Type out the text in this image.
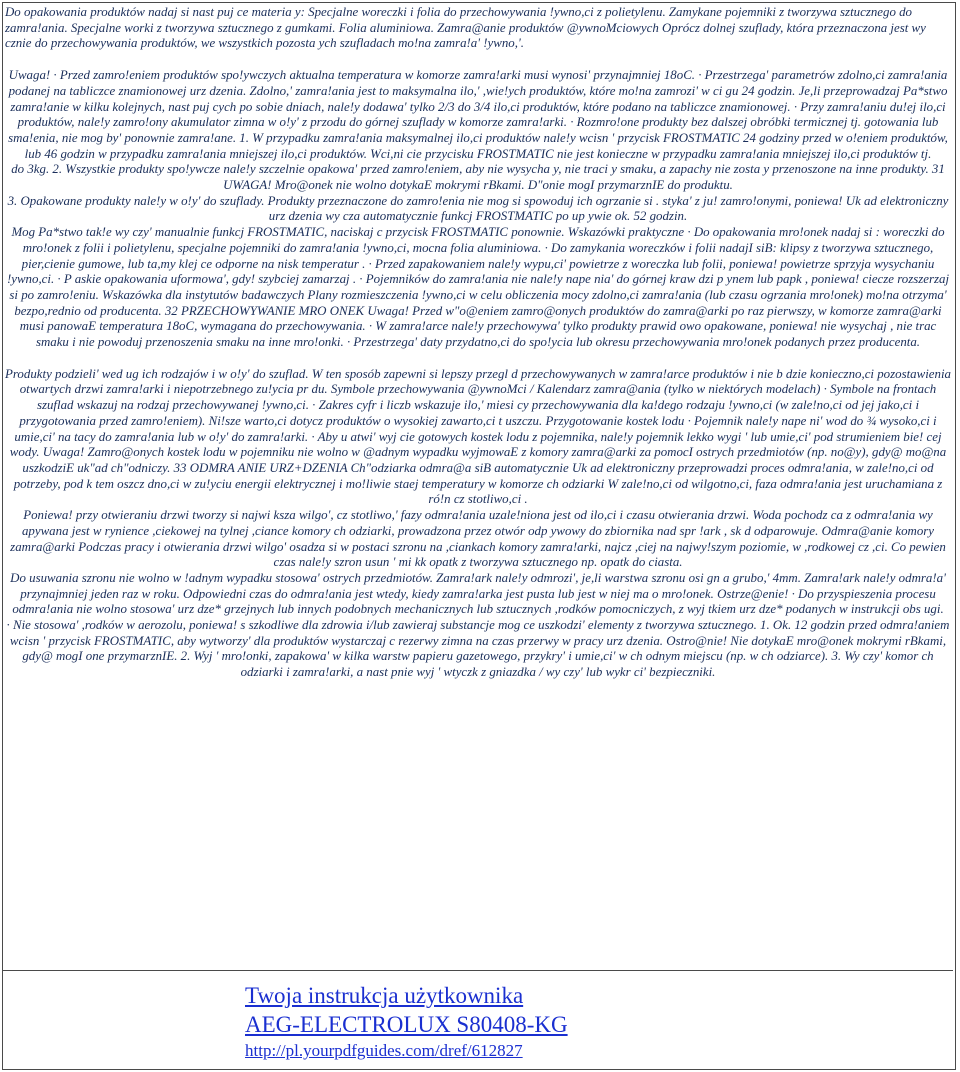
Do opakowania produktów nadaj si nast puj ce materia y: Specjalne woreczki i folia do przechowywania !ywno,ci z polietylenu. Zamykane pojemniki z tworzywa sztucznego do zamra!ania. Specjalne worki z tworzywa sztucznego z gumkami. Folia aluminiowa. Zamra@anie produktów @ywnoMciowych Oprócz dolnej szuflady, która przeznaczona jest wy cznie do przechowywania produktów, we wszystkich pozosta ych szufladach mo!na zamra!a' !ywno,'.

Uwaga! · Przed zamro!eniem produktów spo!ywczych aktualna temperatura w komorze zamra!arki musi wynosi' przynajmniej 18oC. · Przestrzega' parametrów zdolno,ci zamra!ania podanej na tabliczce znamionowej urz dzenia. Zdolno,' zamra!ania jest to maksymalna ilo,' ,wie!ych produktów, które mo!na zamrozi' w ci gu 24 godzin. Je,li przeprowadzaj Pa*stwo zamra!anie w kilku kolejnych, nast puj cych po sobie dniach, nale!y dodawa' tylko 2/3 do 3/4 ilo,ci produktów, które podano na tabliczce znamionowej. · Przy zamra!aniu du!ej ilo,ci produktów, nale!y zamro!ony akumulator zimna w o!y' z przodu do górnej szuflady w komorze zamra!arki. · Rozmro!one produkty bez dalszej obróbki termicznej tj. gotowania lub sma!enia, nie mog by' ponownie zamra!ane. 1. W przypadku zamra!ania maksymalnej ilo,ci produktów nale!y wcisn ' przycisk FROSTMATIC 24 godziny przed w o!eniem produktów, lub 46 godzin w przypadku zamra!ania mniejszej ilo,ci produktów. Wci,ni cie przycisku FROSTMATIC nie jest konieczne w przypadku zamra!ania mniejszej ilo,ci produktów tj.

do 3kg. 2. Wszystkie produkty spo!ywcze nale!y szczelnie opakowa' przed zamro!eniem, aby nie wysycha y, nie traci y smaku, a zapachy nie zosta y przenoszone na inne produkty. 31 UWAGA! Mro@onek nie wolno dotykaE mokrymi rBkami. D"onie mogI przymarznIE do produktu.

3. Opakowane produkty nale!y w o!y' do szuflady. Produkty przeznaczone do zamro!enia nie mog si spowoduj ich ogrzanie si . styka' z ju! zamro!onymi, poniewa! Uk ad elektroniczny urz dzenia wy cza automatycznie funkcj FROSTMATIC po up ywie ok. 52 godzin.

Mog Pa*stwo tak!e wy czy' manualnie funkcj FROSTMATIC, naciskaj c przycisk FROSTMATIC ponownie. Wskazówki praktyczne · Do opakowania mro!onek nadaj si : woreczki do mro!onek z folii i polietylenu, specjalne pojemniki do zamra!ania !ywno,ci, mocna folia aluminiowa. · Do zamykania woreczków i folii nadajI siB: klipsy z tworzywa sztucznego, pier,cienie gumowe, lub ta,my klej ce odporne na nisk temperatur . · Przed zapakowaniem nale!y wypu,ci' powietrze z woreczka lub folii, poniewa! powietrze sprzyja wysychaniu !ywno,ci. · P askie opakowania uformowa', gdy! szybciej zamarzaj . · Pojemników do zamra!ania nie nale!y nape nia' do górnej kraw dzi p ynem lub papk , poniewa! ciecze rozszerzaj si po zamro!eniu. Wskazówka dla instytutów badawczych Plany rozmieszczenia !ywno,ci w celu obliczenia mocy zdolno,ci zamra!ania (lub czasu ogrzania mro!onek) mo!na otrzyma' bezpo,rednio od producenta. 32 PRZECHOWYWANIE MRO ONEK Uwaga! Przed w"o@eniem zamro@onych produktów do zamra@arki po raz pierwszy, w komorze zamra@arki musi panowaE temperatura 18oC, wymagana do przechowywania. · W zamra!arce nale!y przechowywa' tylko produkty prawid owo opakowane, poniewa! nie wysychaj , nie trac smaku i nie powoduj przenoszenia smaku na inne mro!onki. · Przestrzega' daty przydatno,ci do spo!ycia lub okresu przechowywania mro!onek podanych przez producenta.

Produkty podzieli' wed ug ich rodzajów i w o!y' do szuflad. W ten sposób zapewni si lepszy przegl d przechowywanych w zamra!arce produktów i nie b dzie konieczno,ci pozostawienia otwartych drzwi zamra!arki i niepotrzebnego zu!ycia pr du. Symbole przechowywania @ywnoMci / Kalendarz zamra@ania (tylko w niektórych modelach) · Symbole na frontach szuflad wskazuj na rodzaj przechowywanej !ywno,ci. · Zakres cyfr i liczb wskazuje ilo,' miesi cy przechowywania dla ka!dego rodzaju !ywno,ci (w zale!no,ci od jej jako,ci i przygotowania przed zamro!eniem). Ni!sze warto,ci dotycz produktów o wysokiej zawarto,ci t uszczu. Przygotowanie kostek lodu · Pojemnik nale!y nape ni' wod do ¾ wysoko,ci i umie,ci' na tacy do zamra!ania lub w o!y' do zamra!arki. · Aby u atwi' wyj cie gotowych kostek lodu z pojemnika, nale!y pojemnik lekko wygi ' lub umie,ci' pod strumieniem bie! cej wody. Uwaga! Zamro@onych kostek lodu w pojemniku nie wolno w @adnym wypadku wyjmowaE z komory zamra@arki za pomocI ostrych przedmiotów (np. no@y), gdy@ mo@na uszkodziE uk"ad ch"odniczy. 33 ODMRA ANIE URZ+DZENIA Ch"odziarka odmra@a siB automatycznie Uk ad elektroniczny przeprowadzi proces odmra!ania, w zale!no,ci od potrzeby, pod k tem oszcz dno,ci w zu!yciu energii elektrycznej i mo!liwie staej temperatury w komorze ch odziarki W zale!no,ci od wilgotno,ci, faza odmra!ania jest uruchamiana z ró!n cz stotliwo,ci .

Poniewa! przy otwieraniu drzwi tworzy si najwi ksza wilgo', cz stotliwo,' fazy odmra!ania uzale!niona jest od ilo,ci i czasu otwierania drzwi. Woda pochodz ca z odmra!ania wy apywana jest w rynience ,ciekowej na tylnej ,ciance komory ch odziarki, prowadzona przez otwór odp ywowy do zbiornika nad spr !ark , sk d odparowuje. Odmra@anie komory zamra@arki Podczas pracy i otwierania drzwi wilgo' osadza si w postaci szronu na ,ciankach komory zamra!arki, najcz ,ciej na najwy!szym poziomie, w ,rodkowej cz ,ci. Co pewien czas nale!y szron usun ' mi kk opatk z tworzywa sztucznego np. opatk do ciasta.

Do usuwania szronu nie wolno w !adnym wypadku stosowa' ostrych przedmiotów. Zamra!ark nale!y odmrozi', je,li warstwa szronu osi gn a grubo,' 4mm. Zamra!ark nale!y odmra!a' przynajmniej jeden raz w roku. Odpowiedni czas do odmra!ania jest wtedy, kiedy zamra!arka jest pusta lub jest w niej ma o mro!onek. Ostrze@enie! · Do przyspieszenia procesu odmra!ania nie wolno stosowa' urz dze* grzejnych lub innych podobnych mechanicznych lub sztucznych ,rodków pomocniczych, z wyj tkiem urz dze* podanych w instrukcji obs ugi.

· Nie stosowa' ,rodków w aerozolu, poniewa! s szkodliwe dla zdrowia i/lub zawieraj substancje mog ce uszkodzi' elementy z tworzywa sztucznego. 1. Ok. 12 godzin przed odmra!aniem wcisn ' przycisk FROSTMATIC, aby wytworzy' dla produktów wystarczaj c rezerwy zimna na czas przerwy w pracy urz dzenia. Ostro@nie! Nie dotykaE mro@onek mokrymi rBkami, gdy@ mogI one przymarznIE. 2. Wyj ' mro!onki, zapakowa' w kilka warstw papieru gazetowego, przykry' i umie,ci' w ch odnym miejscu (np. w ch odziarce). 3. Wy czy' komor ch odziarki i zamra!arki, a nast pnie wyj ' wtyczk z gniazdka / wy czy' lub wykr ci' bezpieczniki.

Twoja instrukcja użytkownika
AEG-ELECTROLUX S80408-KG
http://pl.yourpdfguides.com/dref/612827
